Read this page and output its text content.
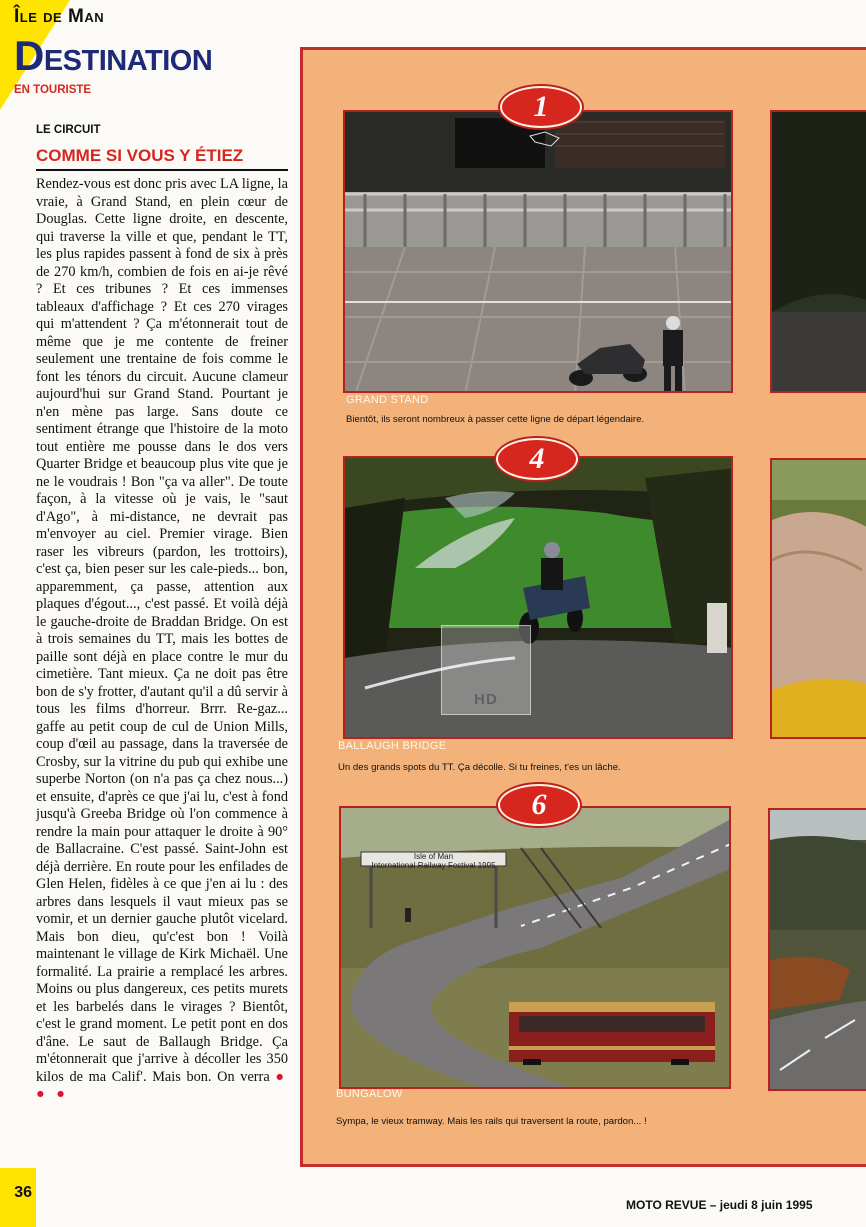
Île de Man
Destination
EN TOURISTE
LE CIRCUIT
COMME SI VOUS Y ÉTIEZ

Rendez-vous est donc pris avec LA ligne, la vraie, à Grand Stand, en plein cœur de Douglas. Cette ligne droite, en descente, qui traverse la ville et que, pendant le TT, les plus rapides passent à fond de six à près de 270 km/h, combien de fois en ai-je rêvé ? Et ces tribunes ? Et ces immenses tableaux d'affichage ? Et ces 270 virages qui m'attendent ? Ça m'étonnerait tout de même que je me contente de freiner seulement une trentaine de fois comme le font les ténors du circuit. Aucune clameur aujourd'hui sur Grand Stand. Pourtant je n'en mène pas large. Sans doute ce sentiment étrange que l'histoire de la moto tout entière me pousse dans le dos vers Quarter Bridge et beaucoup plus vite que je ne le voudrais ! Bon "ça va aller". De toute façon, à la vitesse où je vais, le "saut d'Ago", à mi-distance, ne devrait pas m'envoyer au ciel. Premier virage. Bien raser les vibreurs (pardon, les trottoirs), c'est ça, bien peser sur les cale-pieds... bon, apparemment, ça passe, attention aux plaques d'égout..., c'est passé. Et voilà déjà le gauche-droite de Braddan Bridge. On est à trois semaines du TT, mais les bottes de paille sont déjà en place contre le mur du cimetière. Tant mieux. Ça ne doit pas être bon de s'y frotter, d'autant qu'il a dû servir à tous les films d'horreur. Brrr. Re-gaz... gaffe au petit coup de cul de Union Mills, coup d'œil au passage, dans la traversée de Crosby, sur la vitrine du pub qui exhibe une superbe Norton (on n'a pas ça chez nous...) et ensuite, d'après ce que j'ai lu, c'est à fond jusqu'à Greeba Bridge où l'on commence à rendre la main pour attaquer le droite à 90° de Ballacraine. C'est passé. Saint-John est déjà derrière. En route pour les enfilades de Glen Helen, fidèles à ce que j'en ai lu : des arbres dans lesquels il vaut mieux pas se vomir, et un dernier gauche plutôt vicelard. Mais bon dieu, qu'c'est bon ! Voilà maintenant le village de Kirk Michaël. Une formalité. La prairie a remplacé les arbres. Moins ou plus dangereux, ces petits murets et les barbelés dans le virages ? Bientôt, c'est le grand moment. Le petit pont en dos d'âne. Le saut de Ballaugh Bridge. Ça m'étonnerait que j'arrive à décoller les 350 kilos de ma Calif'. Mais bon. On verra ● ● ●

36
MOTO REVUE – jeudi 8 juin 1995
1
GRAND STAND
Bientôt, ils seront nombreux à passer cette ligne de départ légendaire.
4
BALLAUGH BRIDGE
Un des grands spots du TT. Ça décolle. Si tu freines, t'es un lâche.
Isle of Man
International Railway Festival 1995
6
BUNGALOW
Sympa, le vieux tramway. Mais les rails qui traversent la route, pardon... !
HD
